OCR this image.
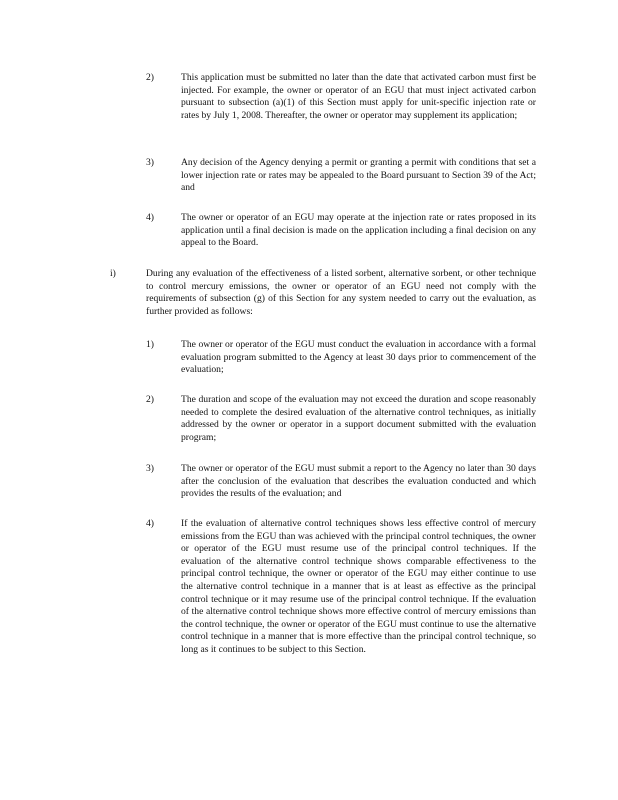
2)	This application must be submitted no later than the date that activated carbon must first be injected. For example, the owner or operator of an EGU that must inject activated carbon pursuant to subsection (a)(1) of this Section must apply for unit-specific injection rate or rates by July 1, 2008. Thereafter, the owner or operator may supplement its application;
3)	Any decision of the Agency denying a permit or granting a permit with conditions that set a lower injection rate or rates may be appealed to the Board pursuant to Section 39 of the Act; and
4)	The owner or operator of an EGU may operate at the injection rate or rates proposed in its application until a final decision is made on the application including a final decision on any appeal to the Board.
i)	During any evaluation of the effectiveness of a listed sorbent, alternative sorbent, or other technique to control mercury emissions, the owner or operator of an EGU need not comply with the requirements of subsection (g) of this Section for any system needed to carry out the evaluation, as further provided as follows:
1)	The owner or operator of the EGU must conduct the evaluation in accordance with a formal evaluation program submitted to the Agency at least 30 days prior to commencement of the evaluation;
2)	The duration and scope of the evaluation may not exceed the duration and scope reasonably needed to complete the desired evaluation of the alternative control techniques, as initially addressed by the owner or operator in a support document submitted with the evaluation program;
3)	The owner or operator of the EGU must submit a report to the Agency no later than 30 days after the conclusion of the evaluation that describes the evaluation conducted and which provides the results of the evaluation; and
4)	If the evaluation of alternative control techniques shows less effective control of mercury emissions from the EGU than was achieved with the principal control techniques, the owner or operator of the EGU must resume use of the principal control techniques. If the evaluation of the alternative control technique shows comparable effectiveness to the principal control technique, the owner or operator of the EGU may either continue to use the alternative control technique in a manner that is at least as effective as the principal control technique or it may resume use of the principal control technique. If the evaluation of the alternative control technique shows more effective control of mercury emissions than the control technique, the owner or operator of the EGU must continue to use the alternative control technique in a manner that is more effective than the principal control technique, so long as it continues to be subject to this Section.
